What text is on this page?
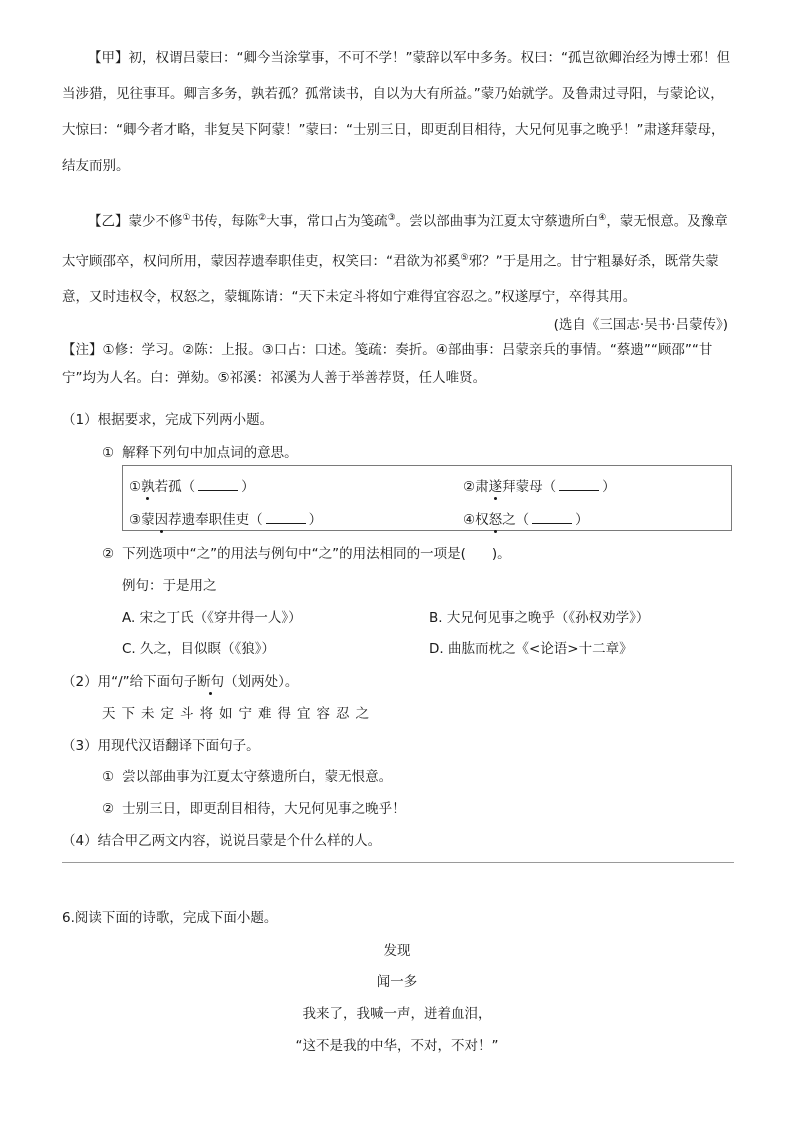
【甲】初，权谓吕蒙曰：“卿今当涂掌事，不可不学！”蒙辞以军中多务。权曰：“孤岂欲卿治经为博士邪！但当涉猎，见往事耳。卿言多务，孰若孤？孤常读书，自以为大有所益。”蒙乃始就学。及鲁肃过寻阳，与蒙论议，大惊曰：“卿今者才略，非复吴下阿蒙！”蒙曰：“士别三日，即更刮目相待，大兄何见事之晚乎！”肃遂拜蒙母，结友而别。

【乙】蒙少不修①书传，每陈②大事，常口占为笺疏③。尝以部曲事为江夏太守蔡遗所白④，蒙无恨意。及豫章太守顾邵卒，权问所用，蒙因荐遗奉职佳吏，权笑曰：“君欲为祁奚⑤邪？”于是用之。甘宁粗暴好杀，既常失蒙意，又时违权令，权怒之，蒙辄陈请：“天下未定斗将如宁难得宜容忍之。”权遂厚宁，卒得其用。

(选自《三国志·吴书·吕蒙传》)

【注】①修：学习。②陈：上报。③口占：口述。笺疏：奏折。④部曲事：吕蒙亲兵的事情。“蔡遗”“顾邵”“甘宁”均为人名。白：弹劾。⑤祁溪：祁溪为人善于举善荐贤，任人唯贤。

（1）根据要求，完成下列两小题。
① 解释下列句中加点词的意思。
①孰若孤（	）	②肃遂拜蒙母（	）
③蒙因荐遗奉职佳吏（	）	④权怒之（	）
② 下列选项中“之”的用法与例句中“之”的用法相同的一项是( )。
例句：于是用之
A. 宋之丁氏（《穿井得一人》）	B. 大兄何见事之晚乎（《孙权劝学》）
C. 久之，目似瞑（《狼》）	D. 曲肱而枕之《<论语>十二章》
（2）用“/”给下面句子断句（划两处）。
天下未定斗将如宁难得宜容忍之
（3）用现代汉语翻译下面句子。
① 尝以部曲事为江夏太守蔡遗所白，蒙无恨意。
② 士别三日，即更刮目相待，大兄何见事之晚乎！
（4）结合甲乙两文内容，说说吕蒙是个什么样的人。
6.阅读下面的诗歌，完成下面小题。
发现
闻一多
我来了，我喊一声，迸着血泪，
“这不是我的中华，不对，不对！”
